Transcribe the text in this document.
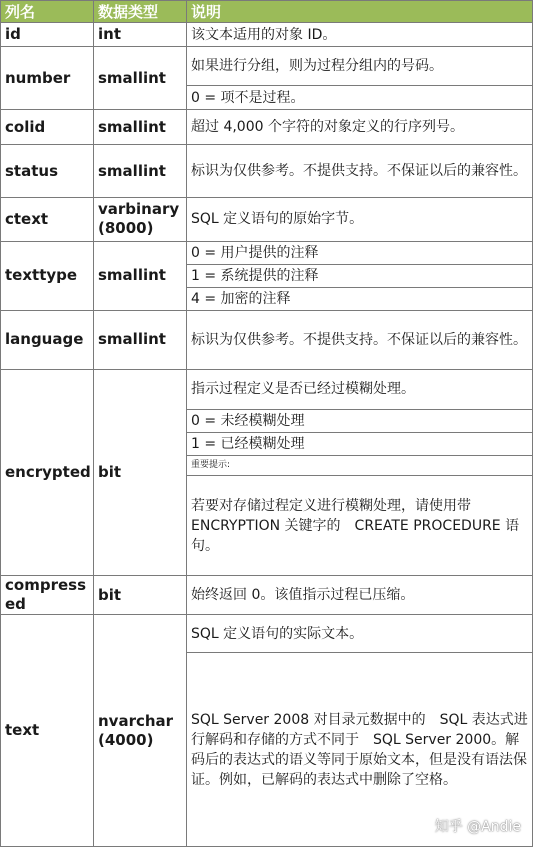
列名	数据类型	说明
id	int	该文本适用的对象 ID。
number	smallint	如果进行分组，则为过程分组内的号码。
		0 = 项不是过程。
colid	smallint	超过 4,000 个字符的对象定义的行序列号。
status	smallint	标识为仅供参考。不提供支持。不保证以后的兼容性。
ctext	varbinary (8000)	SQL 定义语句的原始字节。
texttype	smallint	0 = 用户提供的注释
		1 = 系统提供的注释
		4 = 加密的注释
language	smallint	标识为仅供参考。不提供支持。不保证以后的兼容性。
encrypted	bit	指示过程定义是否已经过模糊处理。
		0 = 未经模糊处理
		1 = 已经模糊处理
		重要提示:
		若要对存储过程定义进行模糊处理，请使用带 ENCRYPTION 关键字的　CREATE PROCEDURE 语句。
compressed	bit	始终返回 0。该值指示过程已压缩。
text	nvarchar(4000)	SQL 定义语句的实际文本。
		SQL Server 2008 对目录元数据中的　SQL 表达式进行解码和存储的方式不同于　SQL Server 2000。解码后的表达式的语义等同于原始文本，但是没有语法保证。例如，已解码的表达式中删除了空格。
知乎 @Andie
